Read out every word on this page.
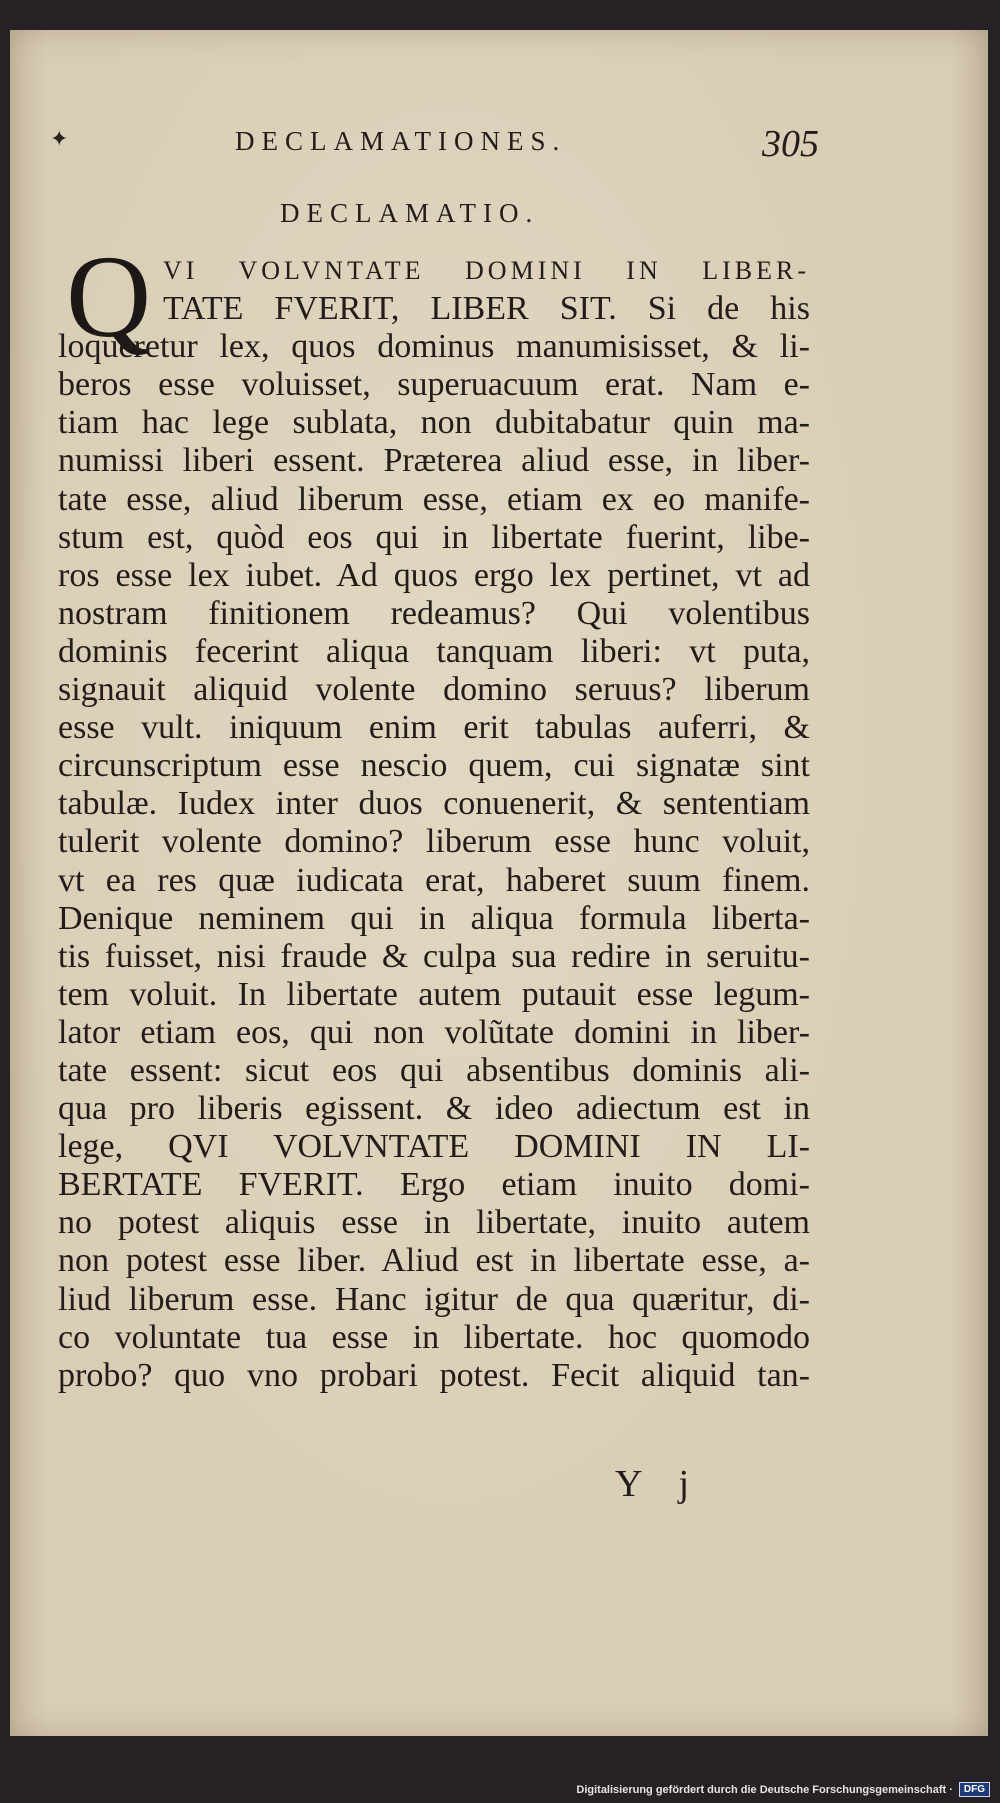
✦	DECLAMATIONES.	305
DECLAMATIO.
Q VI VOLVNTATE DOMINI IN LIBER-
TATE FVERIT, LIBER SIT. Si de his
loqueretur lex, quos dominus manumisisset, & li-
beros esse voluisset, superuacuum erat. Nam e-
tiam hac lege sublata, non dubitabatur quin ma-
numissi liberi essent. Præterea aliud esse, in liber-
tate esse, aliud liberum esse, etiam ex eo manife-
stum est, quòd eos qui in libertate fuerint, libe-
ros esse lex iubet. Ad quos ergo lex pertinet, vt ad
nostram finitionem redeamus? Qui volentibus
dominis fecerint aliqua tanquam liberi: vt puta,
signauit aliquid volente domino seruus? liberum
esse vult. iniquum enim erit tabulas auferri, &
circunscriptum esse nescio quem, cui signatæ sint
tabulæ. Iudex inter duos conuenerit, & sententiam
tulerit volente domino? liberum esse hunc voluit,
vt ea res quæ iudicata erat, haberet suum finem.
Denique neminem qui in aliqua formula liberta-
tis fuisset, nisi fraude & culpa sua redire in seruitu-
tem voluit. In libertate autem putauit esse legum-
lator etiam eos, qui non volũtate domini in liber-
tate essent: sicut eos qui absentibus dominis ali-
qua pro liberis egissent. & ideo adiectum est in
lege, QVI VOLVNTATE DOMINI IN LI-
BERTATE FVERIT. Ergo etiam inuito domi-
no potest aliquis esse in libertate, inuito autem
non potest esse liber. Aliud est in libertate esse, a-
liud liberum esse. Hanc igitur de qua quæritur, di-
co voluntate tua esse in libertate. hoc quomodo
probo? quo vno probari potest. Fecit aliquid tan-
Y j
Digitalisierung gefördert durch die Deutsche Forschungsgemeinschaft ·	DFG
